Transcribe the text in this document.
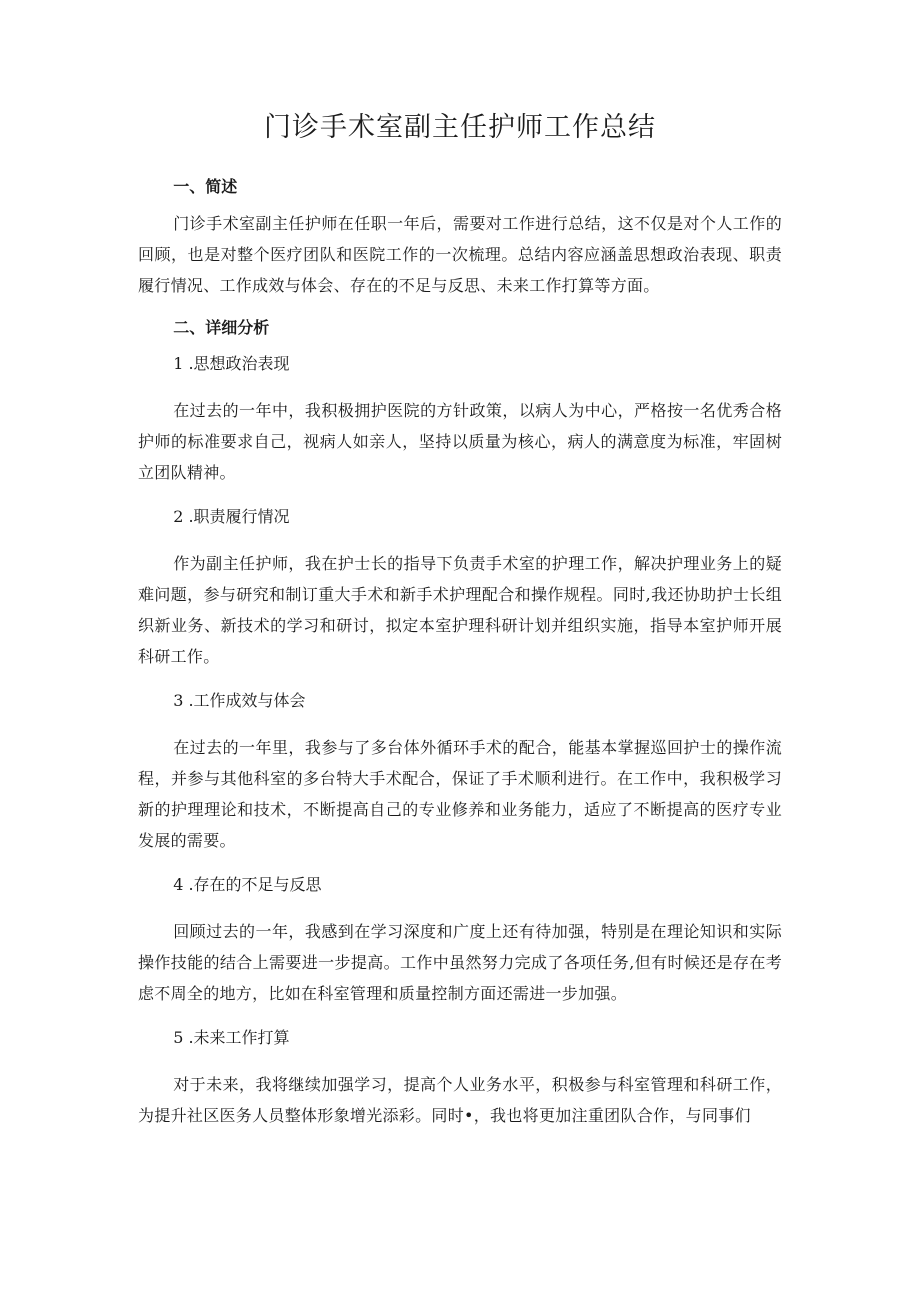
门诊手术室副主任护师工作总结
一、简述

门诊手术室副主任护师在任职一年后，需要对工作进行总结，这不仅是对个人工作的回顾，也是对整个医疗团队和医院工作的一次梳理。总结内容应涵盖思想政治表现、职责履行情况、工作成效与体会、存在的不足与反思、未来工作打算等方面。

二、详细分析
1 .思想政治表现

在过去的一年中，我积极拥护医院的方针政策，以病人为中心，严格按一名优秀合格护师的标准要求自己，视病人如亲人，坚持以质量为核心，病人的满意度为标准，牢固树立团队精神。

2 .职责履行情况

作为副主任护师，我在护士长的指导下负责手术室的护理工作，解决护理业务上的疑难问题，参与研究和制订重大手术和新手术护理配合和操作规程。同时,我还协助护士长组织新业务、新技术的学习和研讨，拟定本室护理科研计划并组织实施，指导本室护师开展科研工作。

3 .工作成效与体会

在过去的一年里，我参与了多台体外循环手术的配合，能基本掌握巡回护士的操作流程，并参与其他科室的多台特大手术配合，保证了手术顺利进行。在工作中，我积极学习新的护理理论和技术，不断提高自己的专业修养和业务能力，适应了不断提高的医疗专业发展的需要。

4 .存在的不足与反思

回顾过去的一年，我感到在学习深度和广度上还有待加强，特别是在理论知识和实际操作技能的结合上需要进一步提高。工作中虽然努力完成了各项任务,但有时候还是存在考虑不周全的地方，比如在科室管理和质量控制方面还需进一步加强。

5 .未来工作打算

对于未来，我将继续加强学习，提高个人业务水平，积极参与科室管理和科研工作，为提升社区医务人员整体形象增光添彩。同时•，我也将更加注重团队合作，与同事们
